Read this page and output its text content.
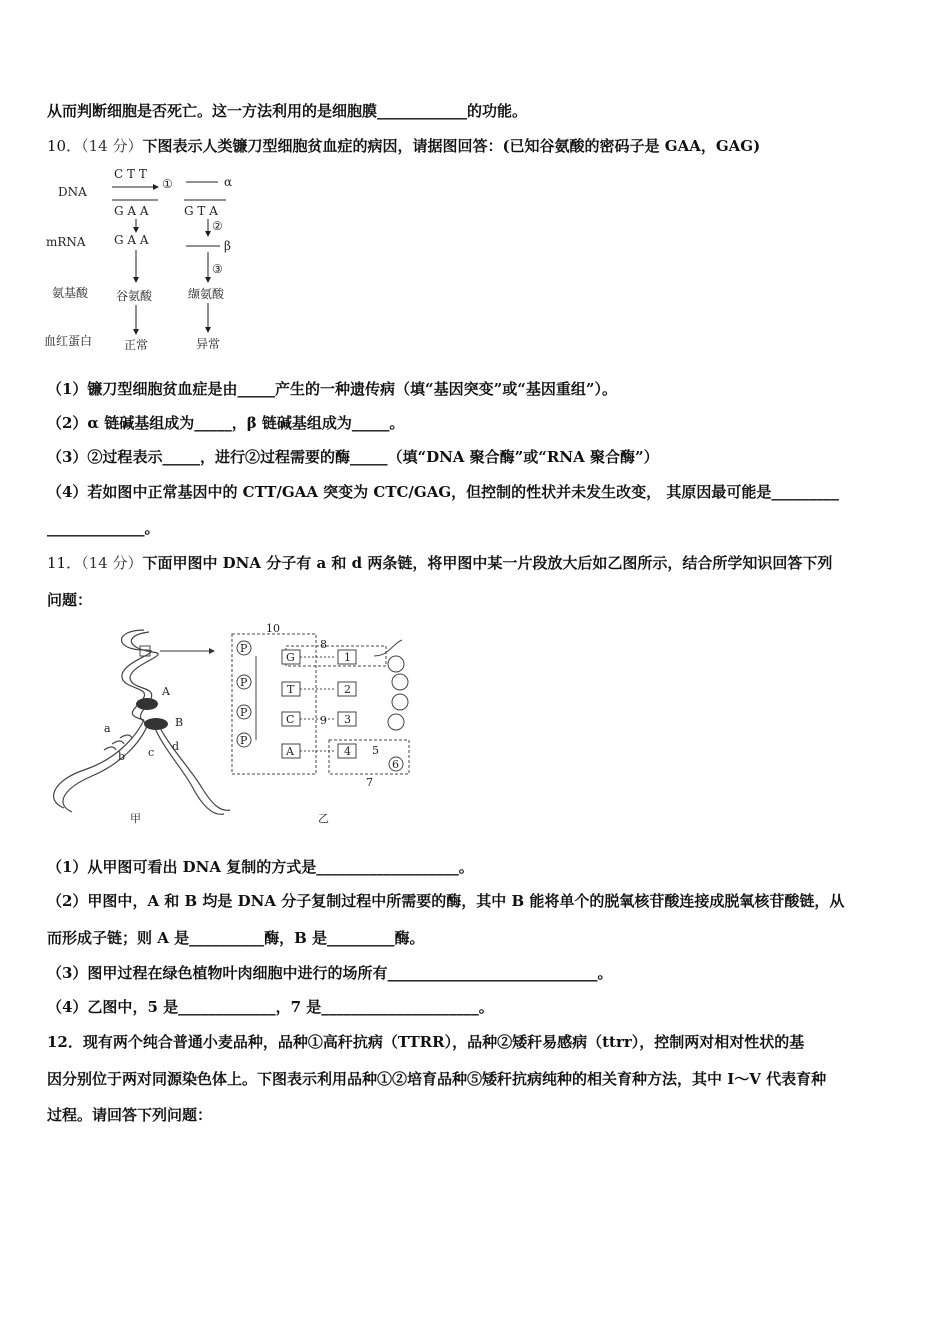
从而判断细胞是否死亡。这一方法利用的是细胞膜____________的功能。
10．（14 分）下图表示人类镰刀型细胞贫血症的病因，请据图回答：(已知谷氨酸的密码子是 GAA，GAG)
DNA
mRNA
氨基酸
血红蛋白
C T T
①	α
G A A	G T A
G A A
②
β
③
谷氨酸	缬氨酸
正常	异常
（1）镰刀型细胞贫血症是由_____产生的一种遗传病（填“基因突变”或“基因重组”）。
（2）α 链碱基组成为_____，β 链碱基组成为_____。
（3）②过程表示_____，进行②过程需要的酶_____（填“DNA 聚合酶”或“RNA 聚合酶”）
（4）若如图中正常基因中的 CTT/GAA 突变为 CTC/GAG，但控制的性状并未发生改变， 其原因最可能是_________
_____________。
11．（14 分）下面甲图中 DNA 分子有 a 和 d 两条链，将甲图中某一片段放大后如乙图所示，结合所学知识回答下列
问题：
A
B
a
b c d
甲	乙
P
P
P
P
G
T
C
A
1
2
3
4 5
6
7
8
9
10
（1）从甲图可看出 DNA 复制的方式是___________________。
（2）甲图中，A 和 B 均是 DNA 分子复制过程中所需要的酶，其中 B 能将单个的脱氧核苷酸连接成脱氧核苷酸链，从
而形成子链；则 A 是__________酶，B 是_________酶。
（3）图甲过程在绿色植物叶肉细胞中进行的场所有____________________________。
（4）乙图中，5 是_____________，7 是_____________________。
12．现有两个纯合普通小麦品种，品种①高秆抗病（TTRR），品种②矮秆易感病（ttrr），控制两对相对性状的基
因分别位于两对同源染色体上。下图表示利用品种①②培育品种⑤矮秆抗病纯种的相关育种方法，其中 I～V 代表育种
过程。请回答下列问题：
